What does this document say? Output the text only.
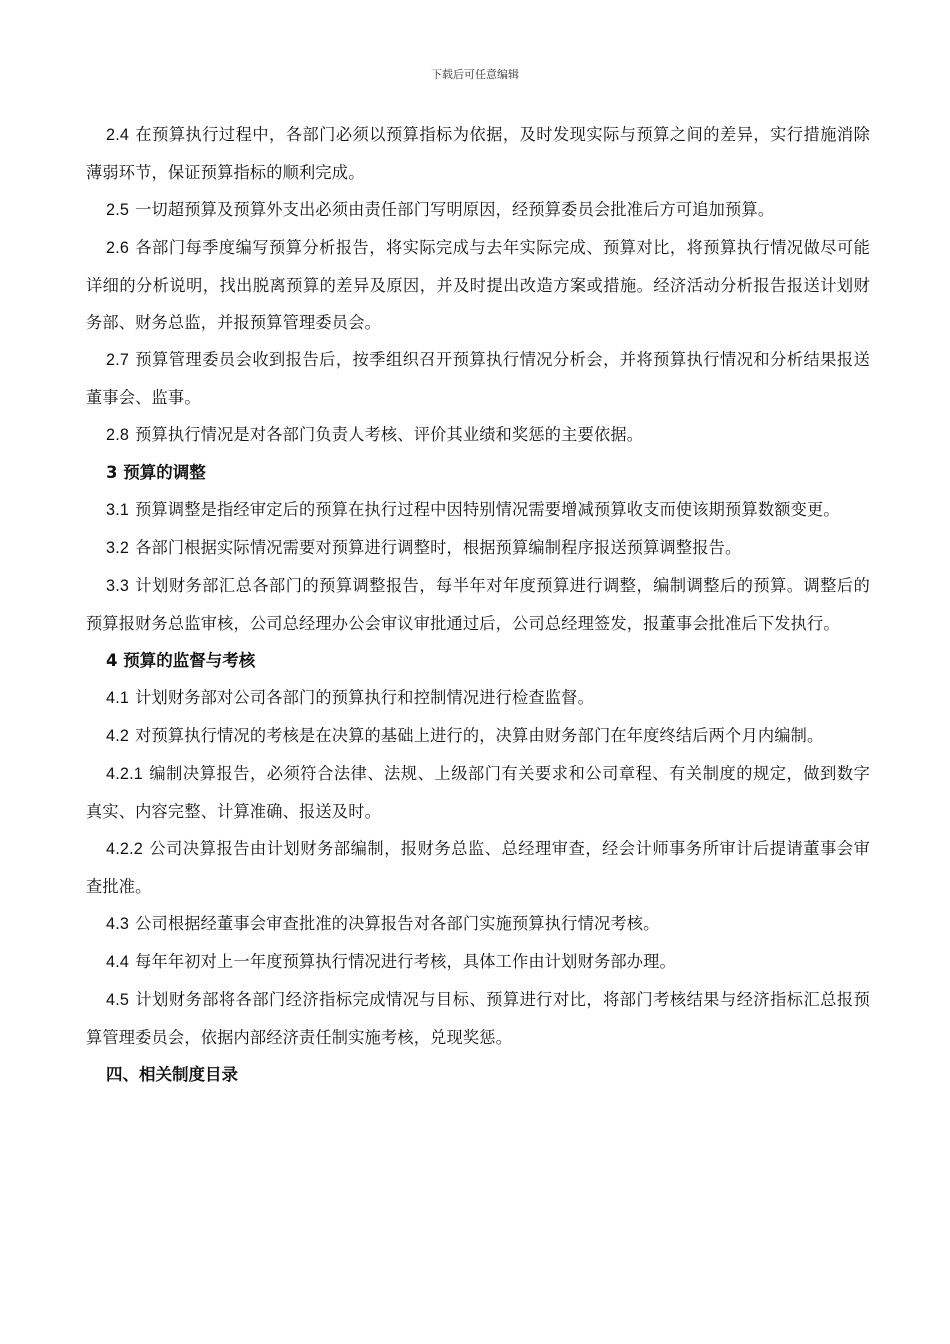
下载后可任意编辑

2.4 在预算执行过程中，各部门必须以预算指标为依据，及时发现实际与预算之间的差异，实行措施消除薄弱环节，保证预算指标的顺利完成。

2.5 一切超预算及预算外支出必须由责任部门写明原因，经预算委员会批准后方可追加预算。

2.6 各部门每季度编写预算分析报告，将实际完成与去年实际完成、预算对比，将预算执行情况做尽可能详细的分析说明，找出脱离预算的差异及原因，并及时提出改造方案或措施。经济活动分析报告报送计划财务部、财务总监，并报预算管理委员会。

2.7 预算管理委员会收到报告后，按季组织召开预算执行情况分析会，并将预算执行情况和分析结果报送董事会、监事。

2.8 预算执行情况是对各部门负责人考核、评价其业绩和奖惩的主要依据。

3 预算的调整

3.1 预算调整是指经审定后的预算在执行过程中因特别情况需要增减预算收支而使该期预算数额变更。

3.2 各部门根据实际情况需要对预算进行调整时，根据预算编制程序报送预算调整报告。

3.3 计划财务部汇总各部门的预算调整报告，每半年对年度预算进行调整，编制调整后的预算。调整后的预算报财务总监审核，公司总经理办公会审议审批通过后，公司总经理签发，报董事会批准后下发执行。

4 预算的监督与考核

4.1 计划财务部对公司各部门的预算执行和控制情况进行检查监督。

4.2 对预算执行情况的考核是在决算的基础上进行的，决算由财务部门在年度终结后两个月内编制。

4.2.1 编制决算报告，必须符合法律、法规、上级部门有关要求和公司章程、有关制度的规定，做到数字真实、内容完整、计算准确、报送及时。

4.2.2 公司决算报告由计划财务部编制，报财务总监、总经理审查，经会计师事务所审计后提请董事会审查批准。

4.3 公司根据经董事会审查批准的决算报告对各部门实施预算执行情况考核。

4.4 每年年初对上一年度预算执行情况进行考核，具体工作由计划财务部办理。

4.5 计划财务部将各部门经济指标完成情况与目标、预算进行对比，将部门考核结果与经济指标汇总报预算管理委员会，依据内部经济责任制实施考核，兑现奖惩。

四、相关制度目录
